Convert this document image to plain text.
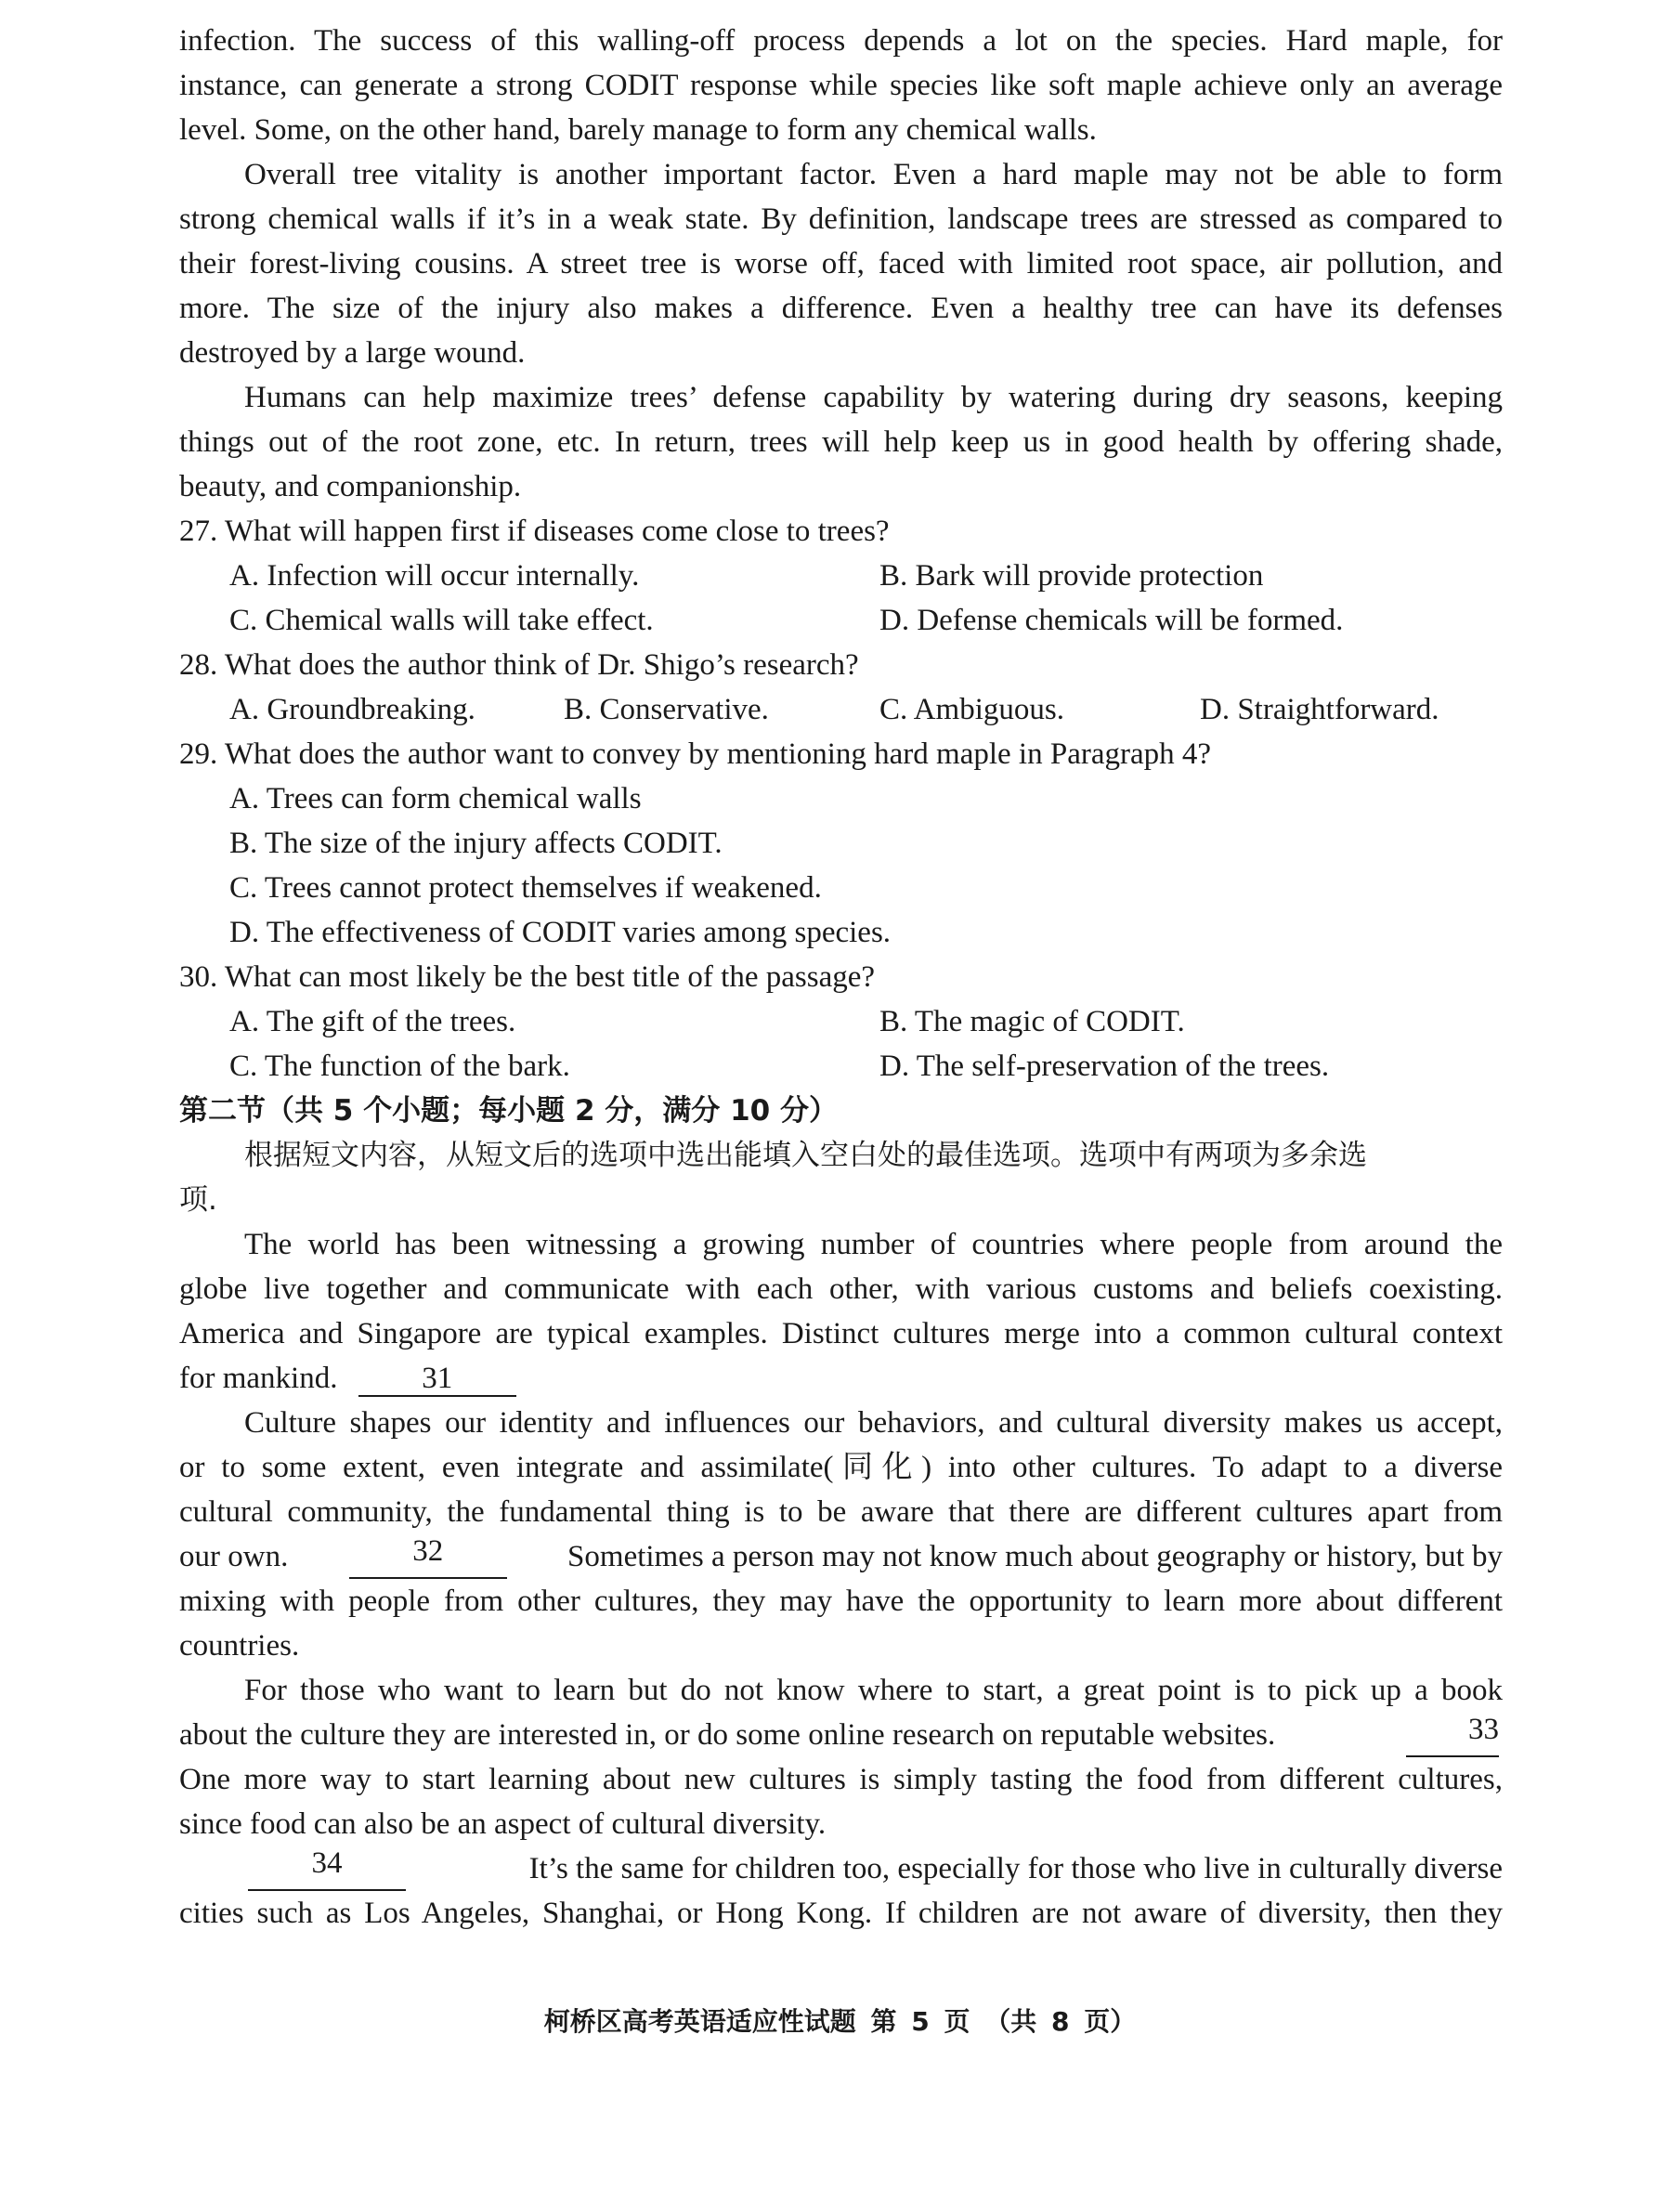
infection. The success of this walling-off process depends a lot on the species. Hard maple, for
instance, can generate a strong CODIT response while species like soft maple achieve only an average
level. Some, on the other hand, barely manage to form any chemical walls.
Overall tree vitality is another important factor. Even a hard maple may not be able to form
strong chemical walls if it’s in a weak state. By definition, landscape trees are stressed as compared to
their forest-living cousins. A street tree is worse off, faced with limited root space, air pollution, and
more. The size of the injury also makes a difference. Even a healthy tree can have its defenses
destroyed by a large wound.
Humans can help maximize trees’ defense capability by watering during dry seasons, keeping
things out of the root zone, etc. In return, trees will help keep us in good health by offering shade,
beauty, and companionship.
27. What will happen first if diseases come close to trees?
A. Infection will occur internally.	B. Bark will provide protection
C. Chemical walls will take effect.	D. Defense chemicals will be formed.
28. What does the author think of Dr. Shigo’s research?
A. Groundbreaking.	B. Conservative.	C. Ambiguous.	D. Straightforward.
29. What does the author want to convey by mentioning hard maple in Paragraph 4?
A. Trees can form chemical walls
B. The size of the injury affects CODIT.
C. Trees cannot protect themselves if weakened.
D. The effectiveness of CODIT varies among species.
30. What can most likely be the best title of the passage?
A. The gift of the trees.	B. The magic of CODIT.
C. The function of the bark.	D. The self-preservation of the trees.
第二节（共 5 个小题；每小题 2 分，满分 10 分）
根据短文内容，从短文后的选项中选出能填入空白处的最佳选项。选项中有两项为多余选
项.
The world has been witnessing a growing number of countries where people from around the
globe live together and communicate with each other, with various customs and beliefs coexisting.
America and Singapore are typical examples. Distinct cultures merge into a common cultural context
for mankind.	31
Culture shapes our identity and influences our behaviors, and cultural diversity makes us accept,
or to some extent, even integrate and assimilate(同化) into other cultures. To adapt to a diverse
cultural community, the fundamental thing is to be aware that there are different cultures apart from
our own.	32	Sometimes a person may not know much about geography or history, but by
mixing with people from other cultures, they may have the opportunity to learn more about different
countries.
For those who want to learn but do not know where to start, a great point is to pick up a book
about the culture they are interested in, or do some online research on reputable websites.	33
One more way to start learning about new cultures is simply tasting the food from different cultures,
since food can also be an aspect of cultural diversity.
34	It’s the same for children too, especially for those who live in culturally diverse
cities such as Los Angeles, Shanghai, or Hong Kong. If children are not aware of diversity, then they
柯桥区高考英语适应性试题 第 5 页 （共 8 页）
